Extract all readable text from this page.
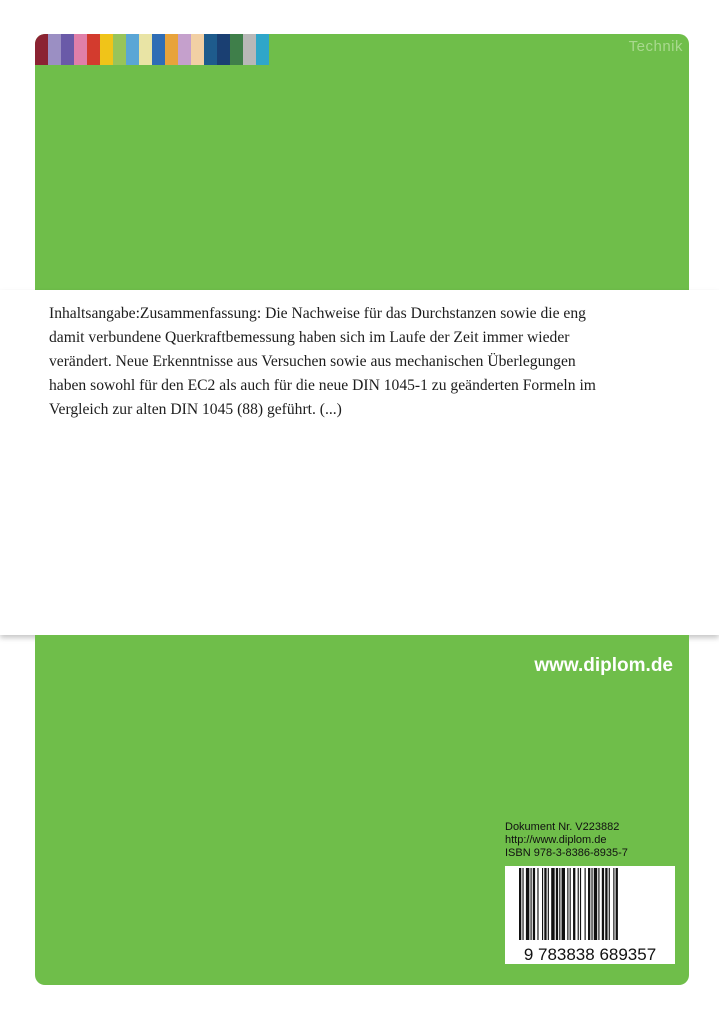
Technik

Inhaltsangabe:Zusammenfassung: Die Nachweise für das Durchstanzen sowie die eng damit verbundene Querkraftbemessung haben sich im Laufe der Zeit immer wieder verändert. Neue Erkenntnisse aus Versuchen sowie aus mechanischen Überlegungen haben sowohl für den EC2 als auch für die neue DIN 1045-1 zu geänderten Formeln im Vergleich zur alten DIN 1045 (88) geführt. (...)

www.diplom.de
Dokument Nr. V223882
http://www.diplom.de
ISBN 978-3-8386-8935-7
9 783838 689357
